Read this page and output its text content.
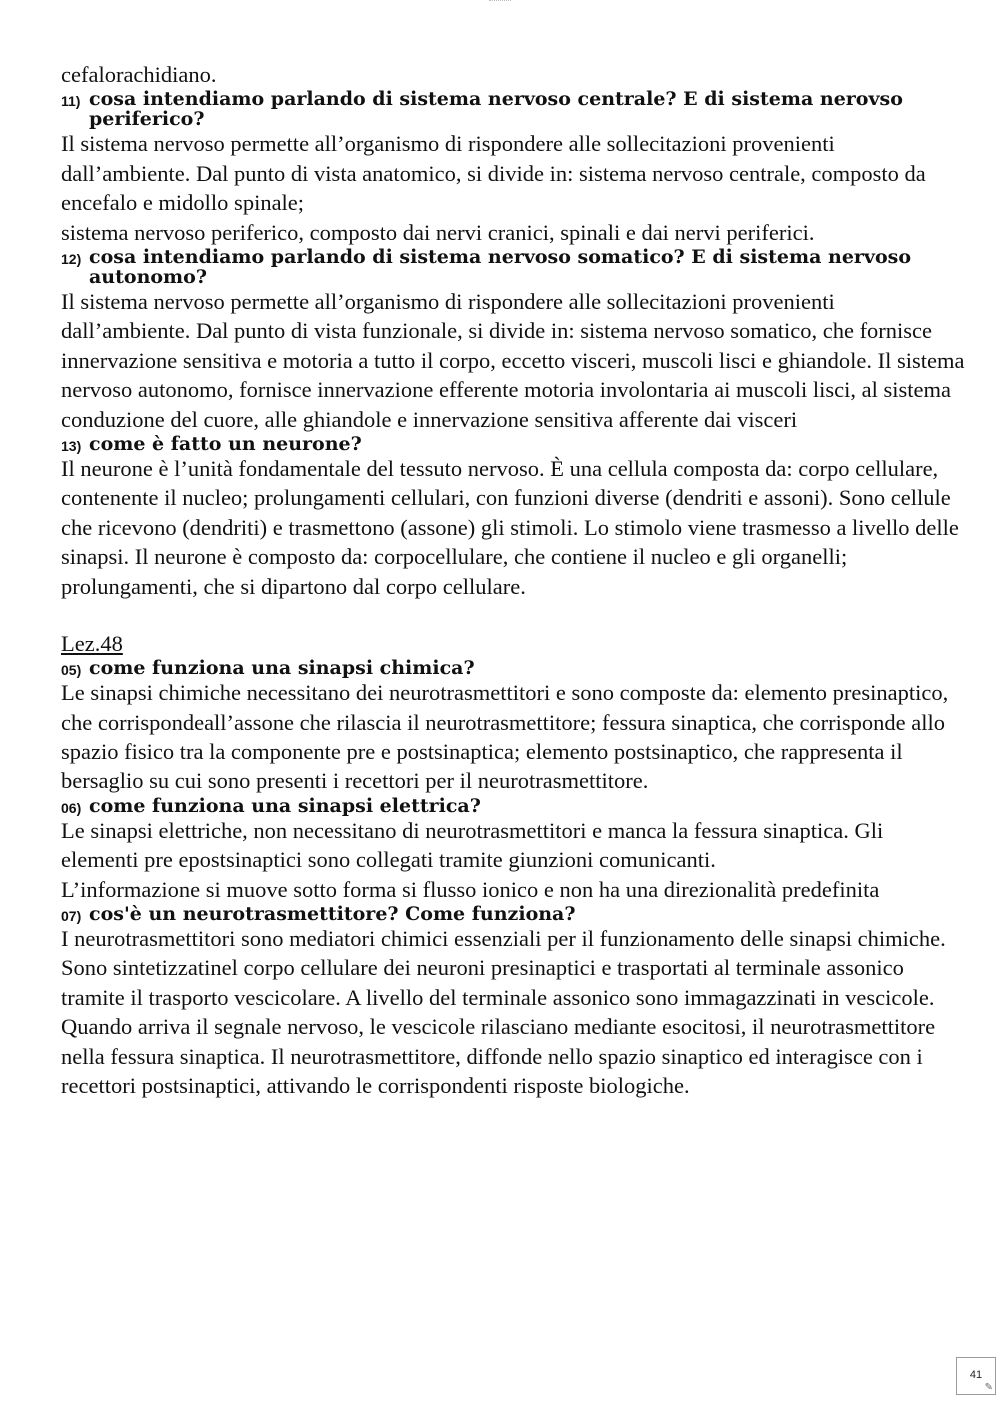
cefalorachidiano.

11) cosa intendiamo parlando di sistema nervoso centrale? E di sistema nerovso periferico?

Il sistema nervoso permette all’organismo di rispondere alle sollecitazioni provenienti dall’ambiente. Dal punto di vista anatomico, si divide in: sistema nervoso centrale, composto da encefalo e midollo spinale;

sistema nervoso periferico, composto dai nervi cranici, spinali e dai nervi periferici.

12) cosa intendiamo parlando di sistema nervoso somatico? E di sistema nervoso autonomo?

Il sistema nervoso permette all’organismo di rispondere alle sollecitazioni provenienti dall’ambiente. Dal punto di vista funzionale, si divide in: sistema nervoso somatico, che fornisce innervazione sensitiva e motoria a tutto il corpo, eccetto visceri, muscoli lisci e ghiandole. Il sistema nervoso autonomo, fornisce innervazione efferente motoria involontaria ai muscoli lisci, al sistema conduzione del cuore, alle ghiandole e innervazione sensitiva afferente dai visceri

13) come è fatto un neurone?

Il neurone è l’unità fondamentale del tessuto nervoso. È una cellula composta da: corpo cellulare, contenente il nucleo; prolungamenti cellulari, con funzioni diverse (dendriti e assoni). Sono cellule che ricevono (dendriti) e trasmettono (assone) gli stimoli. Lo stimolo viene trasmesso a livello delle sinapsi. Il neurone è composto da: corpocellulare, che contiene il nucleo e gli organelli; prolungamenti, che si dipartono dal corpo cellulare.

Lez.48

05) come funziona una sinapsi chimica?

Le sinapsi chimiche necessitano dei neurotrasmettitori e sono composte da: elemento presinaptico, che corrispondeall’assone che rilascia il neurotrasmettitore; fessura sinaptica, che corrisponde allo spazio fisico tra la componente pre e postsinaptica; elemento postsinaptico, che rappresenta il bersaglio su cui sono presenti i recettori per il neurotrasmettitore.

06) come funziona una sinapsi elettrica?

Le sinapsi elettriche, non necessitano di neurotrasmettitori e manca la fessura sinaptica. Gli elementi pre epostsinaptici sono collegati tramite giunzioni comunicanti.

L’informazione si muove sotto forma si flusso ionico e non ha una direzionalità predefinita

07) cos'è un neurotrasmettitore? Come funziona?

I neurotrasmettitori sono mediatori chimici essenziali per il funzionamento delle sinapsi chimiche. Sono sintetizzatinel corpo cellulare dei neuroni presinaptici e trasportati al terminale assonico tramite il trasporto vescicolare. A livello del terminale assonico sono immagazzinati in vescicole. Quando arriva il segnale nervoso, le vescicole rilasciano mediante esocitosi, il neurotrasmettitore nella fessura sinaptica. Il neurotrasmettitore, diffonde nello spazio sinaptico ed interagisce con i recettori postsinaptici, attivando le corrispondenti risposte biologiche.

41
✎
